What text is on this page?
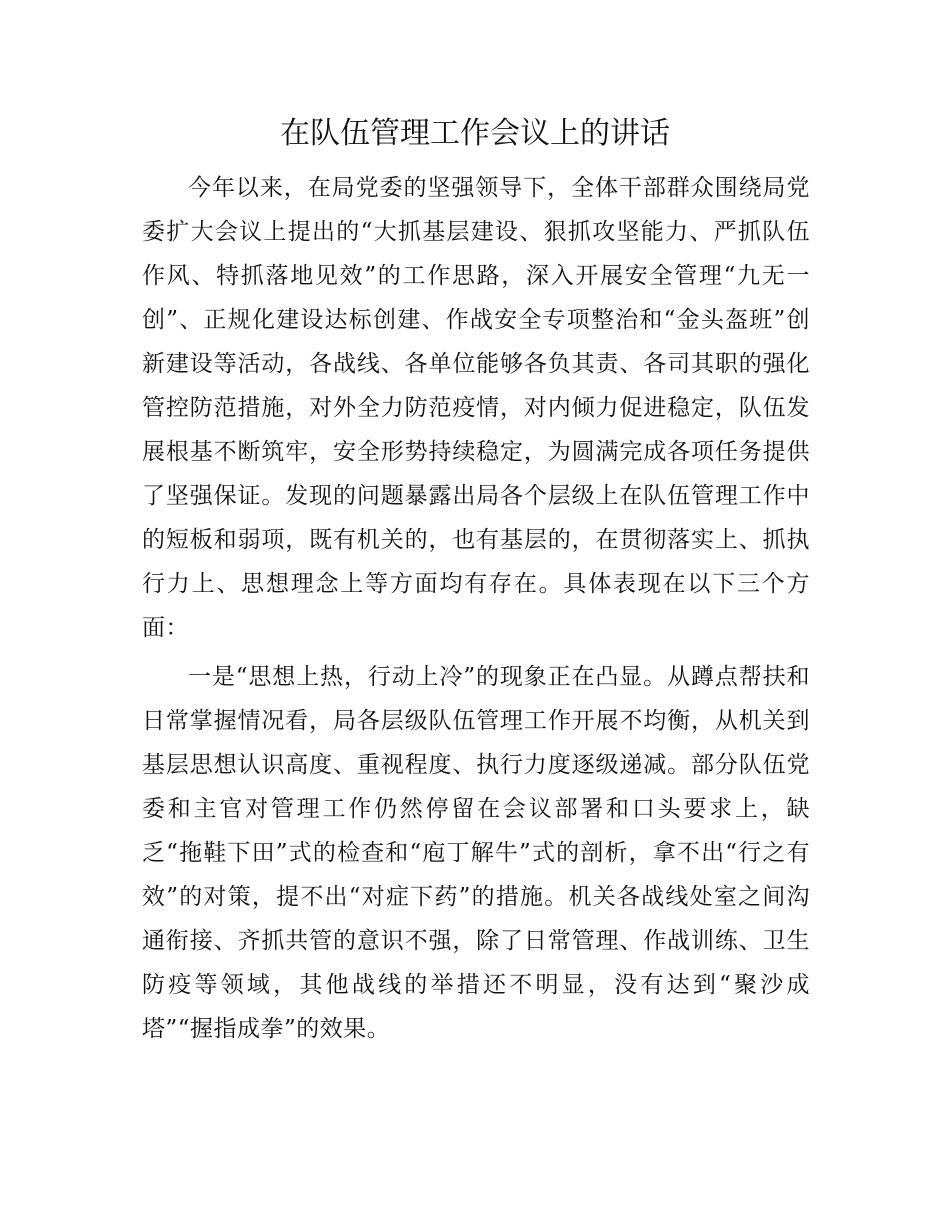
在队伍管理工作会议上的讲话

今年以来，在局党委的坚强领导下，全体干部群众围绕局党委扩大会议上提出的“大抓基层建设、狠抓攻坚能力、严抓队伍作风、特抓落地见效”的工作思路，深入开展安全管理“九无一创”、正规化建设达标创建、作战安全专项整治和“金头盔班”创新建设等活动，各战线、各单位能够各负其责、各司其职的强化管控防范措施，对外全力防范疫情，对内倾力促进稳定，队伍发展根基不断筑牢，安全形势持续稳定，为圆满完成各项任务提供了坚强保证。发现的问题暴露出局各个层级上在队伍管理工作中的短板和弱项，既有机关的，也有基层的，在贯彻落实上、抓执行力上、思想理念上等方面均有存在。具体表现在以下三个方面：

一是“思想上热，行动上冷”的现象正在凸显。从蹲点帮扶和日常掌握情况看，局各层级队伍管理工作开展不均衡，从机关到基层思想认识高度、重视程度、执行力度逐级递减。部分队伍党委和主官对管理工作仍然停留在会议部署和口头要求上，缺乏“拖鞋下田”式的检查和“庖丁解牛”式的剖析，拿不出“行之有效”的对策，提不出“对症下药”的措施。机关各战线处室之间沟通衔接、齐抓共管的意识不强，除了日常管理、作战训练、卫生防疫等领域，其他战线的举措还不明显，没有达到“聚沙成塔”“握指成拳”的效果。
